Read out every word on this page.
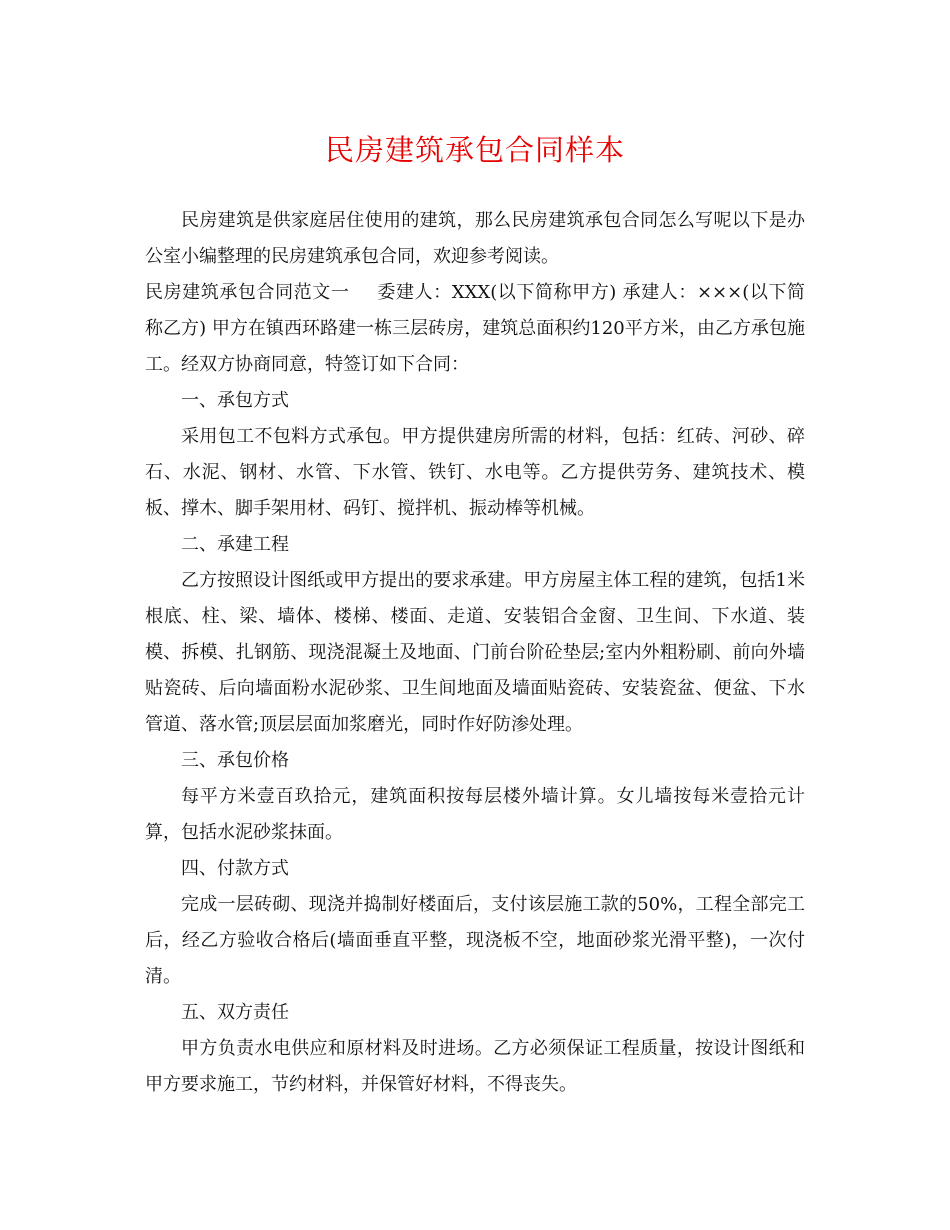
民房建筑承包合同样本

民房建筑是供家庭居住使用的建筑，那么民房建筑承包合同怎么写呢以下是办公室小编整理的民房建筑承包合同，欢迎参考阅读。

民房建筑承包合同范文一 委建人：XXX(以下简称甲方) 承建人：×××(以下简称乙方) 甲方在镇西环路建一栋三层砖房，建筑总面积约120平方米，由乙方承包施工。经双方协商同意，特签订如下合同：

一、承包方式

采用包工不包料方式承包。甲方提供建房所需的材料，包括：红砖、河砂、碎石、水泥、钢材、水管、下水管、铁钉、水电等。乙方提供劳务、建筑技术、模板、撑木、脚手架用材、码钉、搅拌机、振动棒等机械。

二、承建工程

乙方按照设计图纸或甲方提出的要求承建。甲方房屋主体工程的建筑，包括1米根底、柱、梁、墙体、楼梯、楼面、走道、安装铝合金窗、卫生间、下水道、装模、拆模、扎钢筋、现浇混凝土及地面、门前台阶砼垫层;室内外粗粉刷、前向外墙贴瓷砖、后向墙面粉水泥砂浆、卫生间地面及墙面贴瓷砖、安装瓷盆、便盆、下水管道、落水管;顶层层面加浆磨光，同时作好防渗处理。

三、承包价格

每平方米壹百玖拾元，建筑面积按每层楼外墙计算。女儿墙按每米壹拾元计算，包括水泥砂浆抹面。

四、付款方式

完成一层砖砌、现浇并捣制好楼面后，支付该层施工款的50%，工程全部完工后，经乙方验收合格后(墙面垂直平整，现浇板不空，地面砂浆光滑平整)，一次付清。

五、双方责任

甲方负责水电供应和原材料及时进场。乙方必须保证工程质量，按设计图纸和甲方要求施工，节约材料，并保管好材料，不得丧失。
